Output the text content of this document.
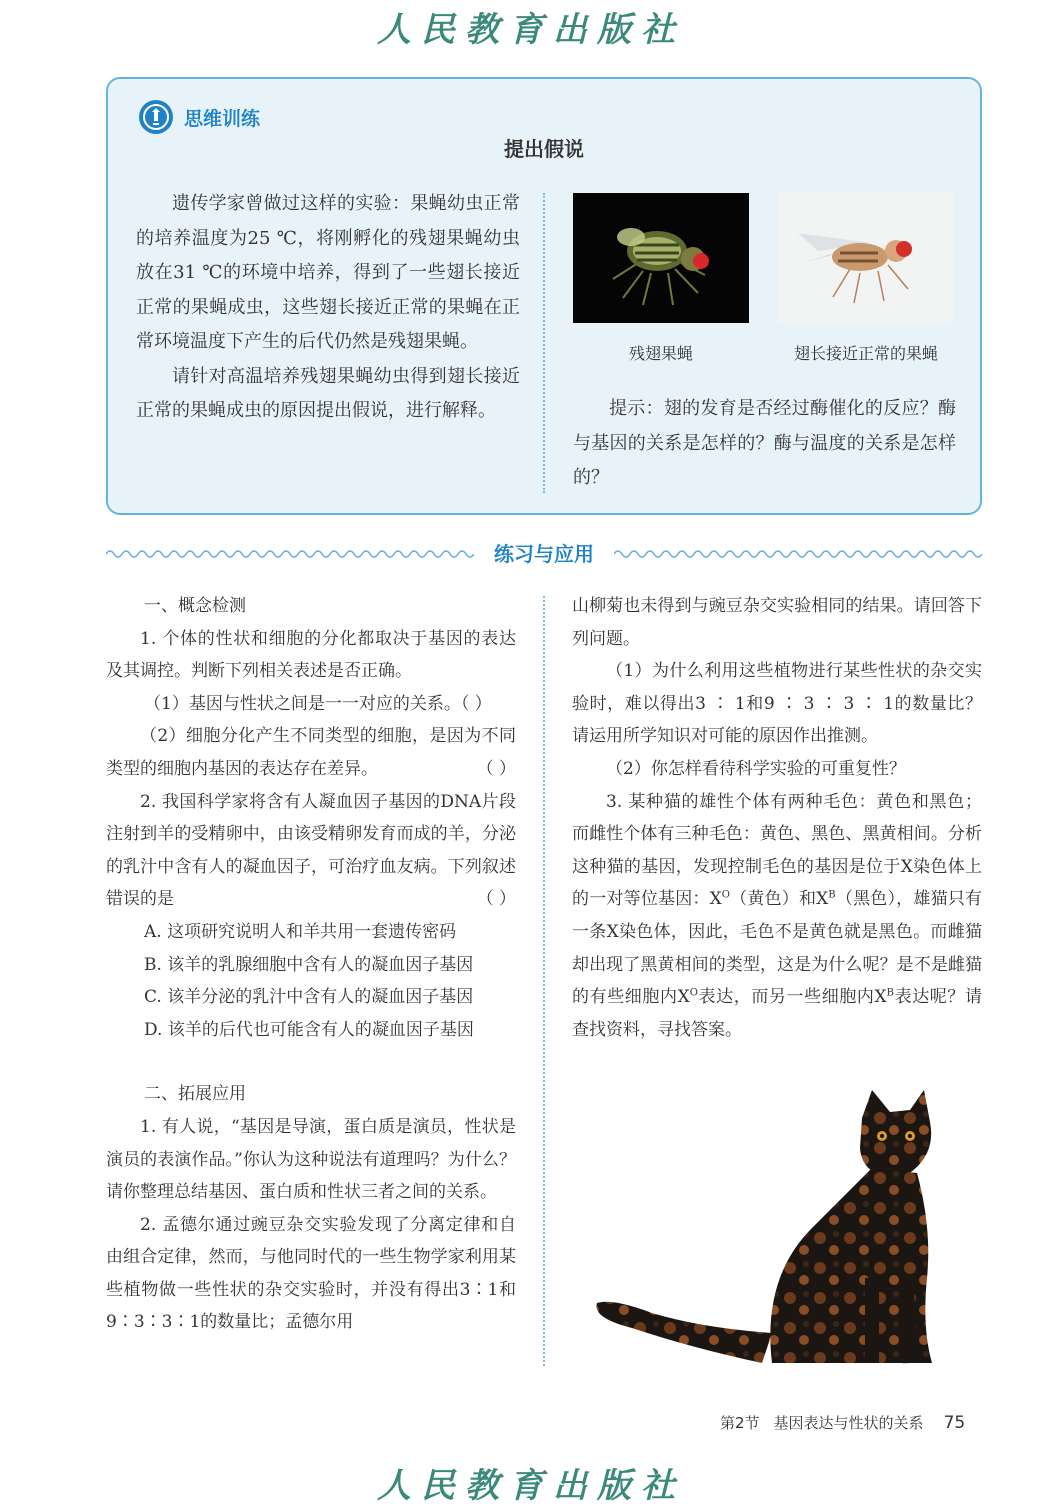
人民教育出版社
思维训练
提出假说

遗传学家曾做过这样的实验：果蝇幼虫正常的培养温度为25 ℃，将刚孵化的残翅果蝇幼虫放在31 ℃的环境中培养，得到了一些翅长接近正常的果蝇成虫，这些翅长接近正常的果蝇在正常环境温度下产生的后代仍然是残翅果蝇。

请针对高温培养残翅果蝇幼虫得到翅长接近正常的果蝇成虫的原因提出假说，进行解释。

残翅果蝇	翅长接近正常的果蝇
提示：翅的发育是否经过酶催化的反应？酶与基因的关系是怎样的？酶与温度的关系是怎样的？
练习与应用
一、概念检测
1. 个体的性状和细胞的分化都取决于基因的表达及其调控。判断下列相关表述是否正确。
（1）基因与性状之间是一一对应的关系。（ ）
（2）细胞分化产生不同类型的细胞，是因为不同类型的细胞内基因的表达存在差异。	（ ）
2. 我国科学家将含有人凝血因子基因的DNA片段注射到羊的受精卵中，由该受精卵发育而成的羊，分泌的乳汁中含有人的凝血因子，可治疗血友病。下列叙述错误的是	（ ）
A. 这项研究说明人和羊共用一套遗传密码
B. 该羊的乳腺细胞中含有人的凝血因子基因
C. 该羊分泌的乳汁中含有人的凝血因子基因
D. 该羊的后代也可能含有人的凝血因子基因
二、拓展应用
1. 有人说，“基因是导演，蛋白质是演员，性状是演员的表演作品。”你认为这种说法有道理吗？为什么？请你整理总结基因、蛋白质和性状三者之间的关系。
2. 孟德尔通过豌豆杂交实验发现了分离定律和自由组合定律，然而，与他同时代的一些生物学家利用某些植物做一些性状的杂交实验时，并没有得出3∶1和9∶3∶3∶1的数量比；孟德尔用
山柳菊也未得到与豌豆杂交实验相同的结果。请回答下列问题。
（1）为什么利用这些植物进行某些性状的杂交实验时，难以得出3 ∶ 1和9 ∶ 3 ∶ 3 ∶ 1的数量比？请运用所学知识对可能的原因作出推测。
（2）你怎样看待科学实验的可重复性？
3. 某种猫的雄性个体有两种毛色：黄色和黑色；而雌性个体有三种毛色：黄色、黑色、黑黄相间。分析这种猫的基因，发现控制毛色的基因是位于X染色体上的一对等位基因：$X^O$（黄色）和$X^B$（黑色），雄猫只有一条X染色体，因此，毛色不是黄色就是黑色。而雌猫却出现了黑黄相间的类型，这是为什么呢？是不是雌猫的有些细胞内$X^O$表达，而另一些细胞内$X^B$表达呢？请查找资料，寻找答案。
第2节 基因表达与性状的关系 75
人民教育出版社
